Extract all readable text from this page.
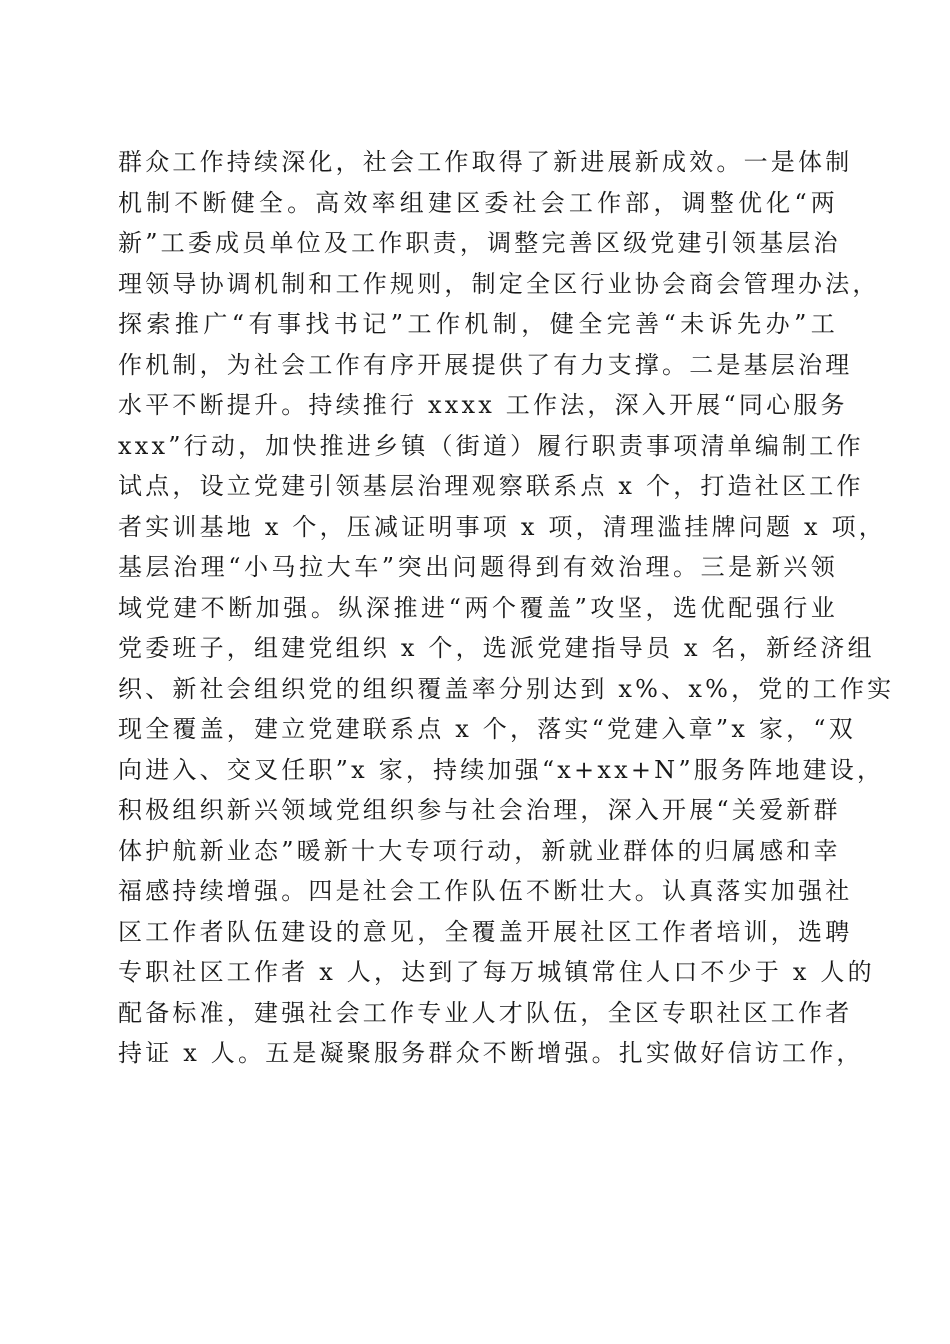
群众工作持续深化，社会工作取得了新进展新成效。一是体制
机制不断健全。高效率组建区委社会工作部，调整优化“两
新”工委成员单位及工作职责，调整完善区级党建引领基层治
理领导协调机制和工作规则，制定全区行业协会商会管理办法，
探索推广“有事找书记”工作机制，健全完善“未诉先办”工
作机制，为社会工作有序开展提供了有力支撑。二是基层治理
水平不断提升。持续推行 xxxx 工作法，深入开展“同心服务
xxx”行动，加快推进乡镇（街道）履行职责事项清单编制工作
试点，设立党建引领基层治理观察联系点 x 个，打造社区工作
者实训基地 x 个，压减证明事项 x 项，清理滥挂牌问题 x 项，
基层治理“小马拉大车”突出问题得到有效治理。三是新兴领
域党建不断加强。纵深推进“两个覆盖”攻坚，选优配强行业
党委班子，组建党组织 x 个，选派党建指导员 x 名，新经济组
织、新社会组织党的组织覆盖率分别达到 x%、x%，党的工作实
现全覆盖，建立党建联系点 x 个，落实“党建入章”x 家，“双
向进入、交叉任职”x 家，持续加强“x+xx+N”服务阵地建设，
积极组织新兴领域党组织参与社会治理，深入开展“关爱新群
体护航新业态”暖新十大专项行动，新就业群体的归属感和幸
福感持续增强。四是社会工作队伍不断壮大。认真落实加强社
区工作者队伍建设的意见，全覆盖开展社区工作者培训，选聘
专职社区工作者 x 人，达到了每万城镇常住人口不少于 x 人的
配备标准，建强社会工作专业人才队伍，全区专职社区工作者
持证 x 人。五是凝聚服务群众不断增强。扎实做好信访工作，
